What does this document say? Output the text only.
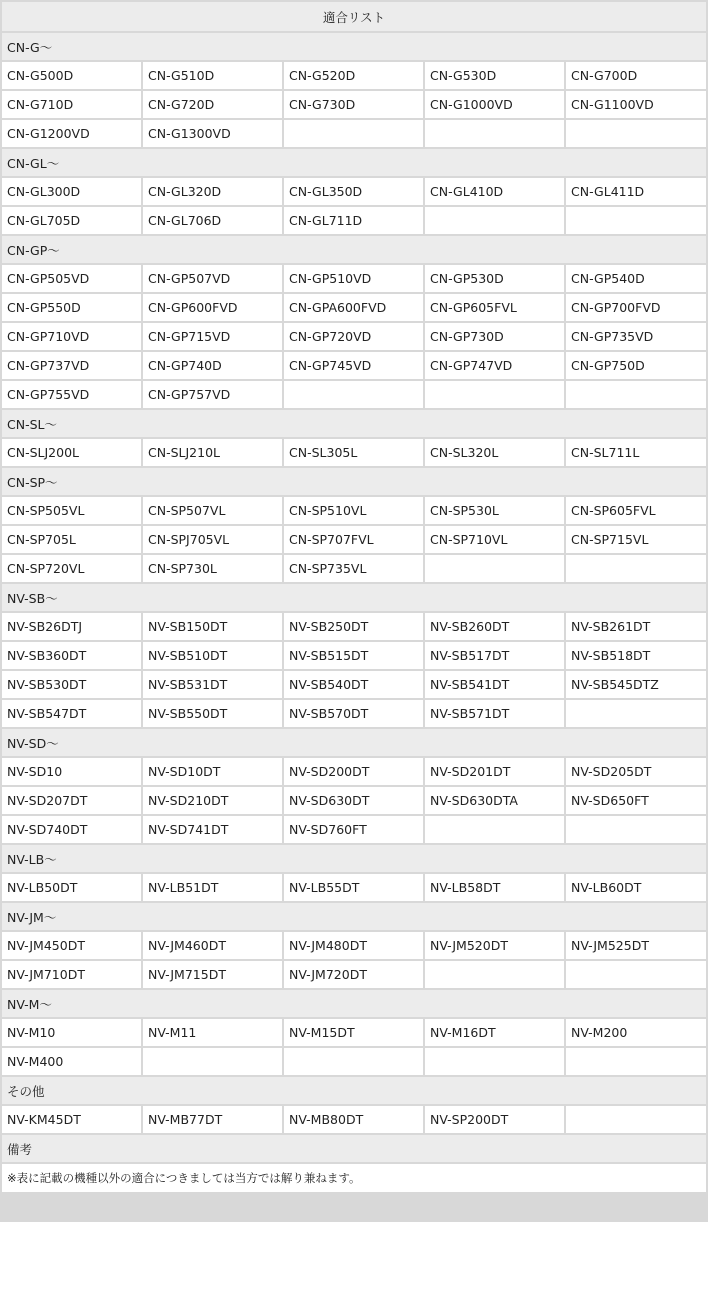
適合リスト				
CN-G～				
CN-G500D	CN-G510D	CN-G520D	CN-G530D	CN-G700D
CN-G710D	CN-G720D	CN-G730D	CN-G1000VD	CN-G1100VD
CN-G1200VD	CN-G1300VD			
CN-GL～				
CN-GL300D	CN-GL320D	CN-GL350D	CN-GL410D	CN-GL411D
CN-GL705D	CN-GL706D	CN-GL711D		
CN-GP～				
CN-GP505VD	CN-GP507VD	CN-GP510VD	CN-GP530D	CN-GP540D
CN-GP550D	CN-GP600FVD	CN-GPA600FVD	CN-GP605FVL	CN-GP700FVD
CN-GP710VD	CN-GP715VD	CN-GP720VD	CN-GP730D	CN-GP735VD
CN-GP737VD	CN-GP740D	CN-GP745VD	CN-GP747VD	CN-GP750D
CN-GP755VD	CN-GP757VD			
CN-SL～				
CN-SLJ200L	CN-SLJ210L	CN-SL305L	CN-SL320L	CN-SL711L
CN-SP～				
CN-SP505VL	CN-SP507VL	CN-SP510VL	CN-SP530L	CN-SP605FVL
CN-SP705L	CN-SPJ705VL	CN-SP707FVL	CN-SP710VL	CN-SP715VL
CN-SP720VL	CN-SP730L	CN-SP735VL		
NV-SB～				
NV-SB26DTJ	NV-SB150DT	NV-SB250DT	NV-SB260DT	NV-SB261DT
NV-SB360DT	NV-SB510DT	NV-SB515DT	NV-SB517DT	NV-SB518DT
NV-SB530DT	NV-SB531DT	NV-SB540DT	NV-SB541DT	NV-SB545DTZ
NV-SB547DT	NV-SB550DT	NV-SB570DT	NV-SB571DT	
NV-SD～				
NV-SD10	NV-SD10DT	NV-SD200DT	NV-SD201DT	NV-SD205DT
NV-SD207DT	NV-SD210DT	NV-SD630DT	NV-SD630DTA	NV-SD650FT
NV-SD740DT	NV-SD741DT	NV-SD760FT		
NV-LB～				
NV-LB50DT	NV-LB51DT	NV-LB55DT	NV-LB58DT	NV-LB60DT
NV-JM～				
NV-JM450DT	NV-JM460DT	NV-JM480DT	NV-JM520DT	NV-JM525DT
NV-JM710DT	NV-JM715DT	NV-JM720DT		
NV-M～				
NV-M10	NV-M11	NV-M15DT	NV-M16DT	NV-M200
NV-M400				
その他				
NV-KM45DT	NV-MB77DT	NV-MB80DT	NV-SP200DT	
備考				
※表に記載の機種以外の適合につきましては当方では解り兼ねます。				
